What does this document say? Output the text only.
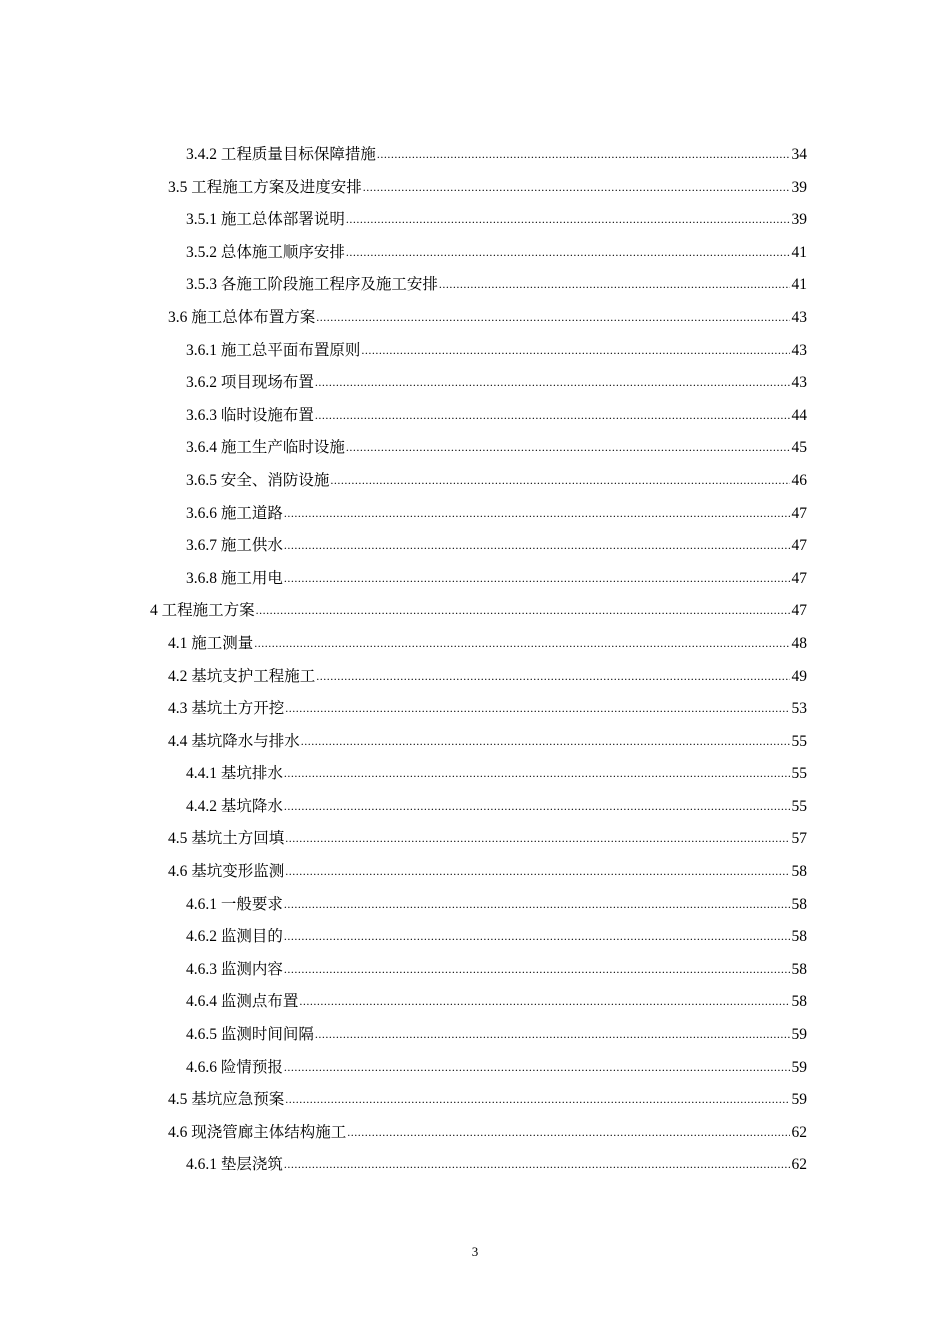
3.4.2 工程质量目标保障措施 .....	34
3.5 工程施工方案及进度安排 .....	39
3.5.1 施工总体部署说明 .....	39
3.5.2 总体施工顺序安排 .....	41
3.5.3 各施工阶段施工程序及施工安排 .....	41
3.6 施工总体布置方案 .....	43
3.6.1 施工总平面布置原则 .....	43
3.6.2 项目现场布置 .....	43
3.6.3 临时设施布置 .....	44
3.6.4 施工生产临时设施 .....	45
3.6.5 安全、消防设施 .....	46
3.6.6 施工道路 .....	47
3.6.7 施工供水 .....	47
3.6.8 施工用电 .....	47
4 工程施工方案 .....	47
4.1 施工测量 .....	48
4.2 基坑支护工程施工 .....	49
4.3 基坑土方开挖 .....	53
4.4 基坑降水与排水 .....	55
4.4.1 基坑排水 .....	55
4.4.2 基坑降水 .....	55
4.5 基坑土方回填 .....	57
4.6 基坑变形监测 .....	58
4.6.1 一般要求 .....	58
4.6.2 监测目的 .....	58
4.6.3 监测内容 .....	58
4.6.4 监测点布置 .....	58
4.6.5 监测时间间隔 .....	59
4.6.6 险情预报 .....	59
4.5 基坑应急预案 .....	59
4.6 现浇管廊主体结构施工 .....	62
4.6.1 垫层浇筑 .....	62
3
